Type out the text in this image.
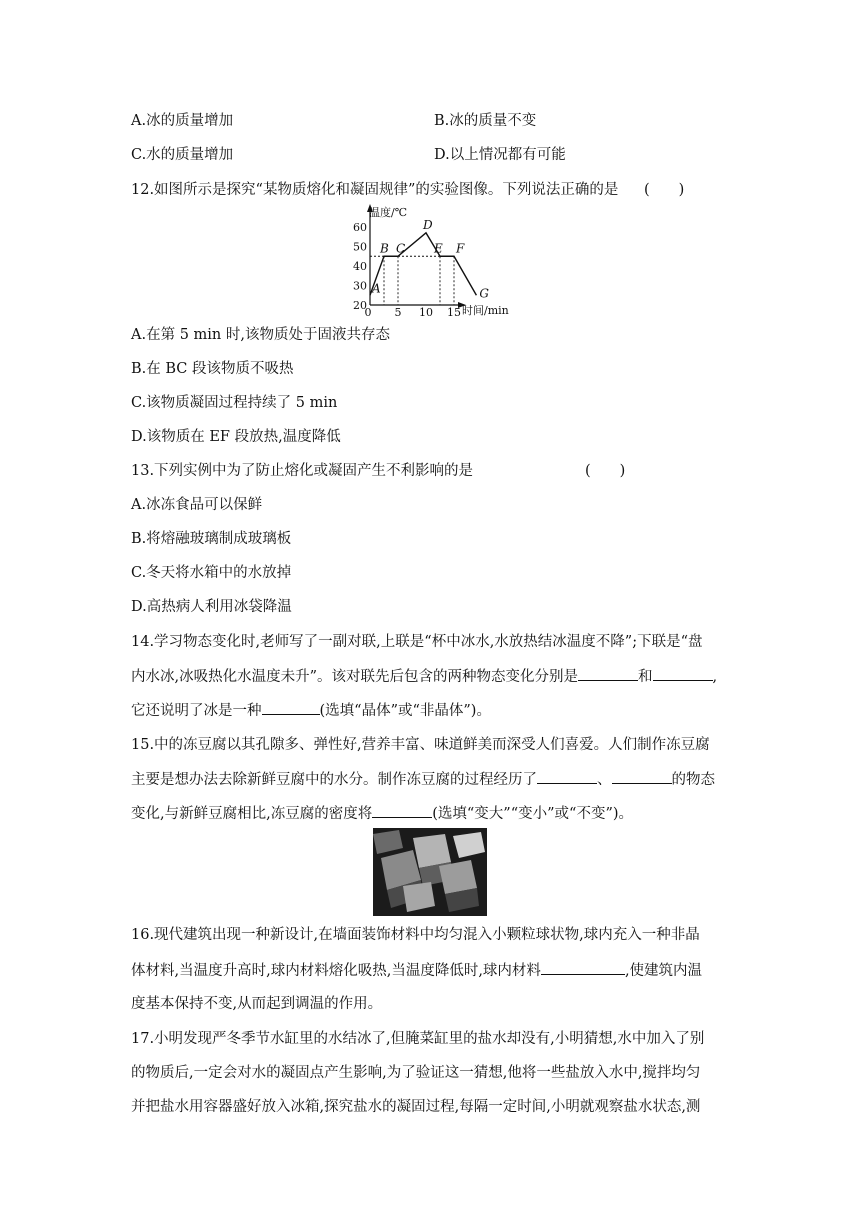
A.冰的质量增加	B.冰的质量不变
C.水的质量增加	D.以上情况都有可能
12.如图所示是探究“某物质熔化和凝固规律”的实验图像。下列说法正确的是 (　　)
温度/℃
时间/min
20
30
40
50
60
0 5 10 15
A
B C
D
E F
G
A.在第 5 min 时,该物质处于固液共存态
B.在 BC 段该物质不吸热
C.该物质凝固过程持续了 5 min
D.该物质在 EF 段放热,温度降低
13.下列实例中为了防止熔化或凝固产生不利影响的是	(　　)
A.冰冻食品可以保鲜
B.将熔融玻璃制成玻璃板
C.冬天将水箱中的水放掉
D.高热病人利用冰袋降温
14.学习物态变化时,老师写了一副对联,上联是“杯中冰水,水放热结冰温度不降”;下联是“盘
内水冰,冰吸热化水温度未升”。该对联先后包含的两种物态变化分别是	和	,
它还说明了冰是一种	(选填“晶体”或“非晶体”)。
15.中的冻豆腐以其孔隙多、弹性好,营养丰富、味道鲜美而深受人们喜爱。人们制作冻豆腐
主要是想办法去除新鲜豆腐中的水分。制作冻豆腐的过程经历了	、	的物态
变化,与新鲜豆腐相比,冻豆腐的密度将	(选填“变大”“变小”或“不变”)。
16.现代建筑出现一种新设计,在墙面装饰材料中均匀混入小颗粒球状物,球内充入一种非晶
体材料,当温度升高时,球内材料熔化吸热,当温度降低时,球内材料	,使建筑内温
度基本保持不变,从而起到调温的作用。
17.小明发现严冬季节水缸里的水结冰了,但腌菜缸里的盐水却没有,小明猜想,水中加入了别
的物质后,一定会对水的凝固点产生影响,为了验证这一猜想,他将一些盐放入水中,搅拌均匀
并把盐水用容器盛好放入冰箱,探究盐水的凝固过程,每隔一定时间,小明就观察盐水状态,测
